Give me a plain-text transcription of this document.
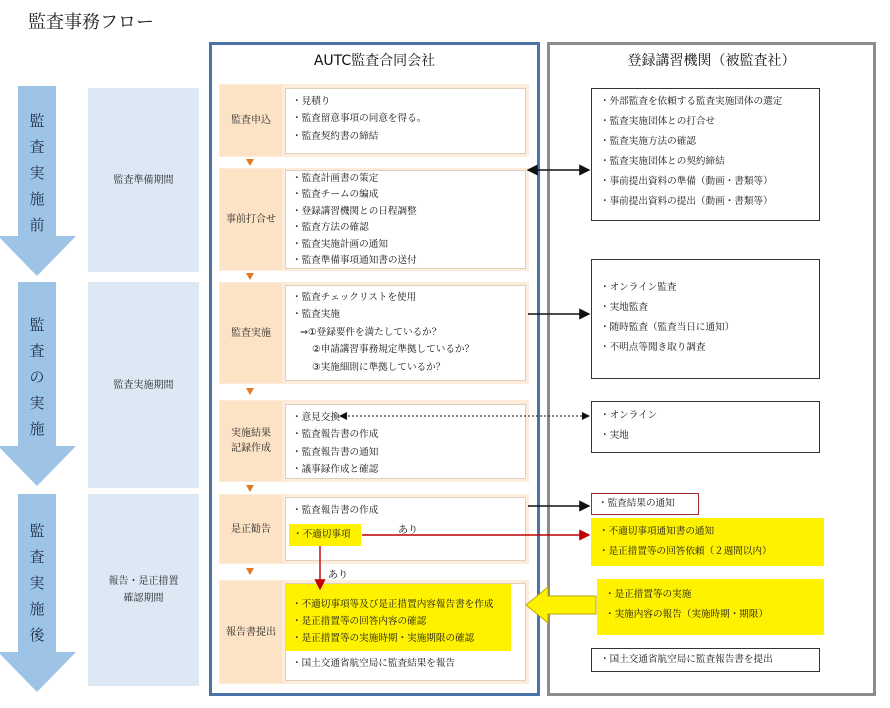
監査事務フロー
監
査
実
施
前
監
査
の
実
施
監
査
実
施
後
監査準備期間
監査実施期間
報告・是正措置
確認期間
AUTC監査合同会社	登録講習機関（被監査社）
監査申込
・見積り
・監査留意事項の同意を得る。
・監査契約書の締結
事前打合せ
・監査計画書の策定
・監査チームの編成
・登録講習機関との日程調整
・監査方法の確認
・監査実施計画の通知
・監査準備事項通知書の送付
監査実施
・監査チェックリストを使用
・監査実施
⇒①登録要件を満たしているか？
②申請講習事務規定準拠しているか？
③実施細則に準拠しているか？
実施結果
記録作成
・意見交換
・監査報告書の作成
・監査報告書の通知
・議事録作成と確認
是正勧告
・監査報告書の作成
・不適切事項
報告書提出
・不適切事項等及び是正措置内容報告書を作成
・是正措置等の回答内容の確認
・是正措置等の実施時期・実施期限の確認
・国土交通省航空局に監査結果を報告
・外部監査を依頼する監査実施団体の選定
・監査実施団体との打合せ
・監査実施方法の確認
・監査実施団体との契約締結
・事前提出資料の準備（動画・書類等）
・事前提出資料の提出（動画・書類等）
・オンライン監査
・実地監査
・随時監査（監査当日に通知）
・不明点等聞き取り調査
・オンライン
・実地
・監査結果の通知
・不適切事項通知書の通知
・是正措置等の回答依頼（２週間以内）
・是正措置等の実施
・実施内容の報告（実施時期・期限）
・国土交通省航空局に監査報告書を提出
あり
あり
